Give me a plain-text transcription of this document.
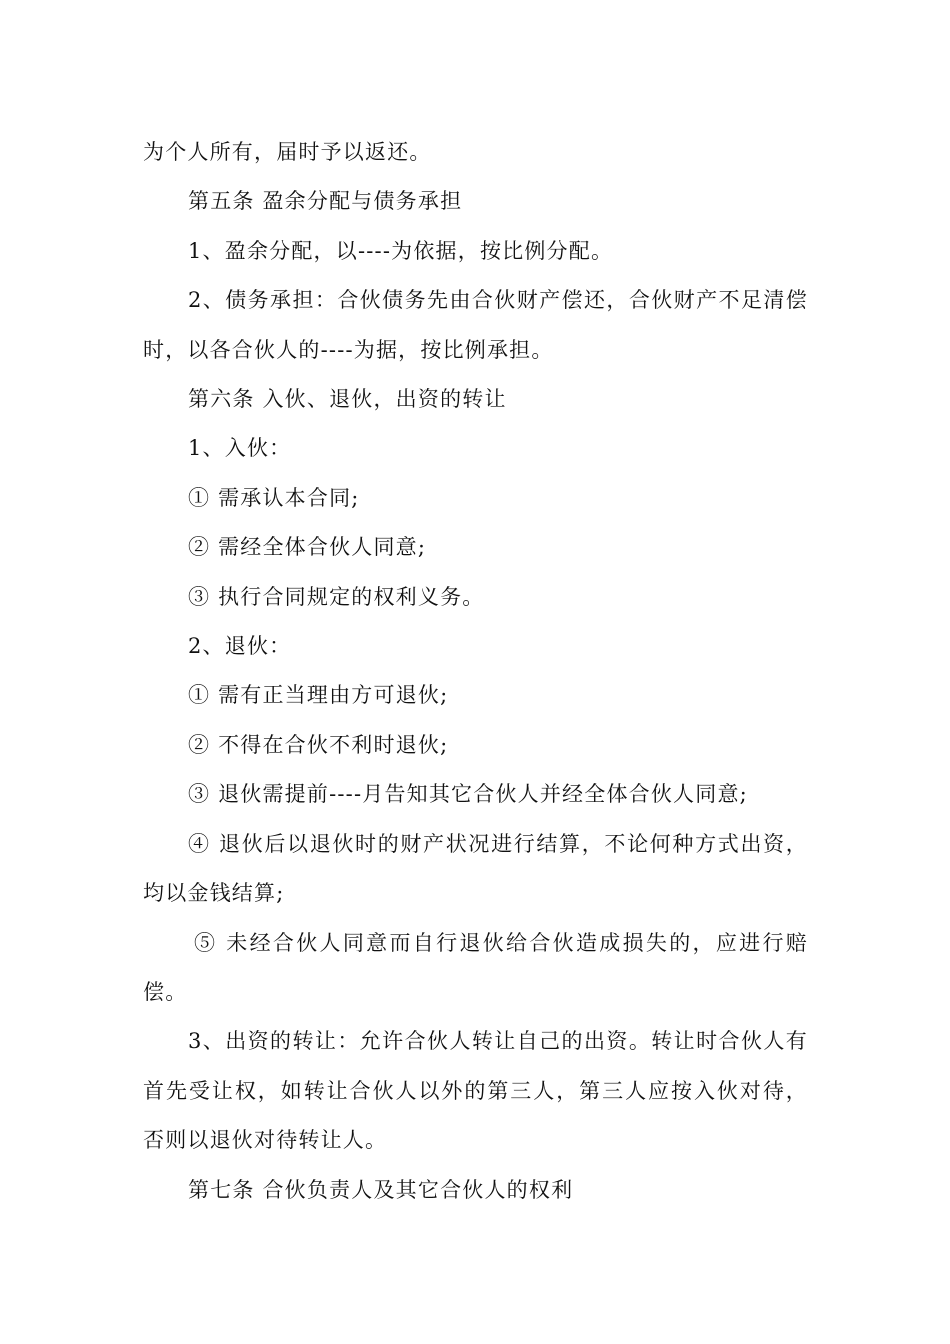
为个人所有，届时予以返还。

第五条 盈余分配与债务承担

1、盈余分配，以----为依据，按比例分配。

2、债务承担：合伙债务先由合伙财产偿还，合伙财产不足清偿时，以各合伙人的----为据，按比例承担。

第六条 入伙、退伙，出资的转让

1、入伙：

① 需承认本合同;

② 需经全体合伙人同意;

③ 执行合同规定的权利义务。

2、退伙：

① 需有正当理由方可退伙;

② 不得在合伙不利时退伙;

③ 退伙需提前----月告知其它合伙人并经全体合伙人同意;

④ 退伙后以退伙时的财产状况进行结算，不论何种方式出资，均以金钱结算;

⑤ 未经合伙人同意而自行退伙给合伙造成损失的，应进行赔偿。

3、出资的转让：允许合伙人转让自己的出资。转让时合伙人有首先受让权，如转让合伙人以外的第三人，第三人应按入伙对待，否则以退伙对待转让人。

第七条 合伙负责人及其它合伙人的权利
